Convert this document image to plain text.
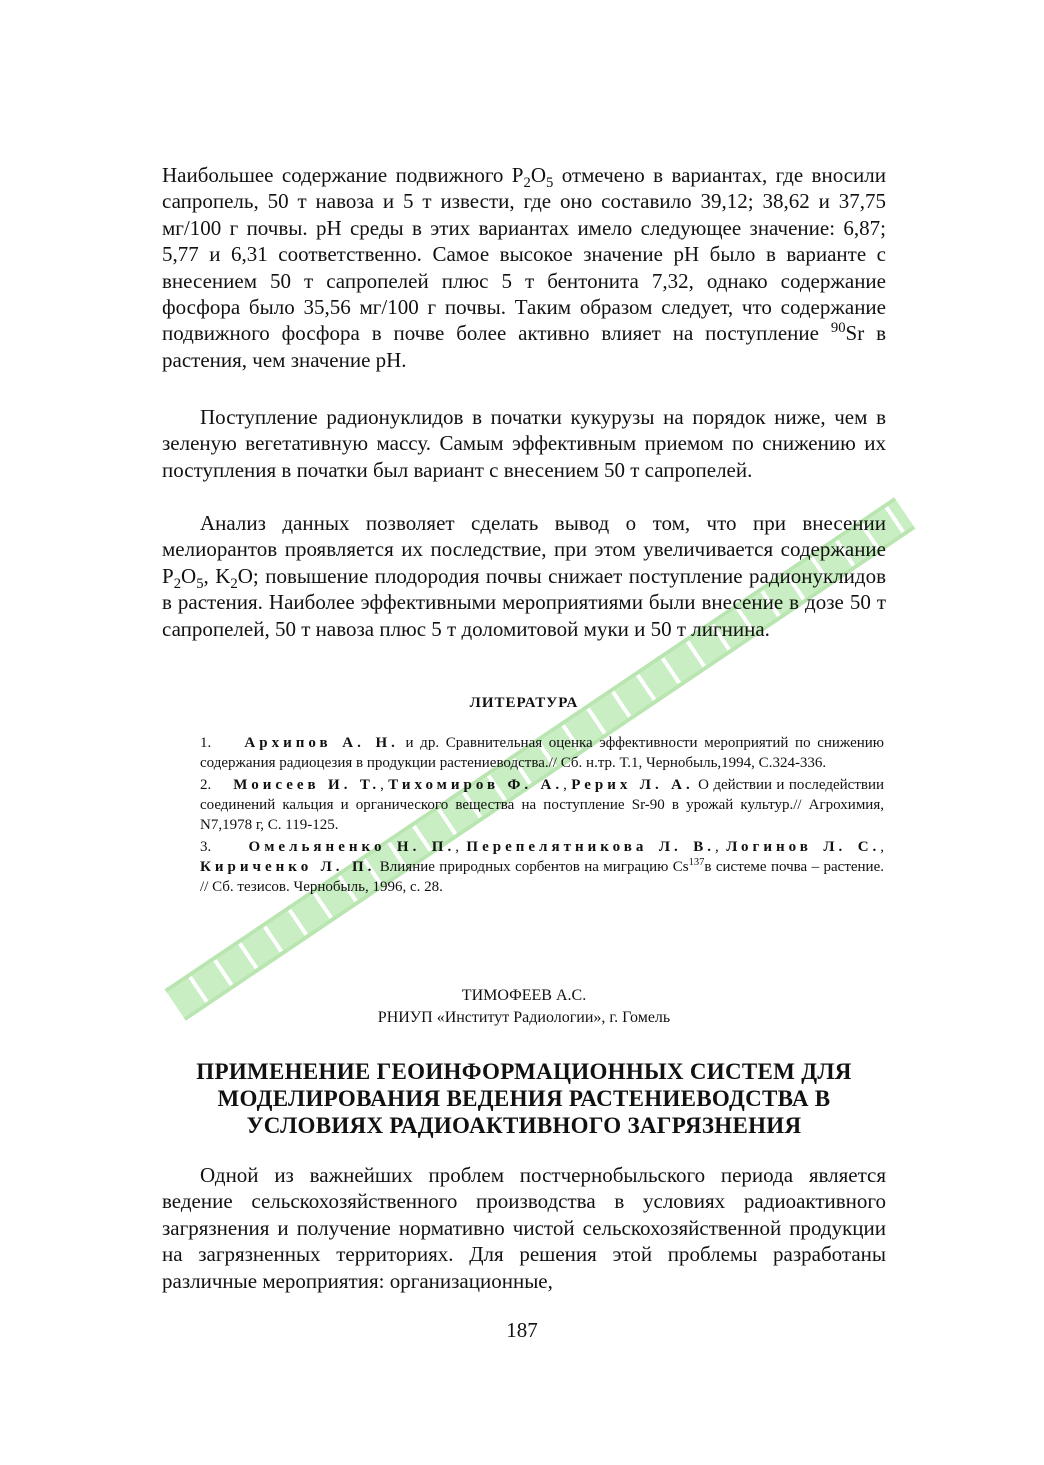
Наибольшее содержание подвижного $P_2O_5$ отмечено в вариантах, где вносили сапропель, 50 т навоза и 5 т извести, где оно составило 39,12; 38,62 и 37,75 мг/100 г почвы. pH среды в этих вариантах имело следующее значение: 6,87; 5,77 и 6,31 соответственно. Самое высокое значение pH было в варианте с внесением 50 т сапропелей плюс 5 т бентонита 7,32, однако содержание фосфора было 35,56 мг/100 г почвы. Таким образом следует, что содержание подвижного фосфора в почве более активно влияет на поступление $^{90}$Sr в растения, чем значение pH.

Поступление радионуклидов в початки кукурузы на порядок ниже, чем в зеленую вегетативную массу. Самым эффективным приемом по снижению их поступления в початки был вариант с внесением 50 т сапропелей.

Анализ данных позволяет сделать вывод о том, что при внесении мелиорантов проявляется их последствие, при этом увеличивается содержание $P_2O_5$, $K_2O$; повышение плодородия почвы снижает поступление радионуклидов в растения. Наиболее эффективными мероприятиями были внесение в дозе 50 т сапропелей, 50 т навоза плюс 5 т доломитовой муки и 50 т лигнина.

ЛИТЕРАТУРА

1. Архипов А. Н. и др. Сравнительная оценка эффективности мероприятий по снижению содержания радиоцезия в продукции растениеводства.// Сб. н.тр. Т.1, Чернобыль,1994, С.324-336.

2. Моисеев И. Т., Тихомиров Ф. А., Рерих Л. А. О действии и последействии соединений кальция и органического вещества на поступление Sr-90 в урожай культур.// Агрохимия, N7,1978 г, С. 119-125.

3. Омельяненко Н. П., Перепелятникова Л. В., Логинов Л. С., Кириченко Л. П. Влияние природных сорбентов на миграцию Cs$^{137}$в системе почва – растение. // Сб. тезисов. Чернобыль, 1996, с. 28.

ТИМОФЕЕВ А.С.
РНИУП «Институт Радиологии», г. Гомель
ПРИМЕНЕНИЕ ГЕОИНФОРМАЦИОННЫХ СИСТЕМ ДЛЯ
МОДЕЛИРОВАНИЯ ВЕДЕНИЯ РАСТЕНИЕВОДСТВА В
УСЛОВИЯХ РАДИОАКТИВНОГО ЗАГРЯЗНЕНИЯ

Одной из важнейших проблем постчернобыльского периода является ведение сельскохозяйственного производства в условиях радиоактивного загрязнения и получение нормативно чистой сельскохозяйственной продукции на загрязненных территориях. Для решения этой проблемы разработаны различные мероприятия: организационные,

187
